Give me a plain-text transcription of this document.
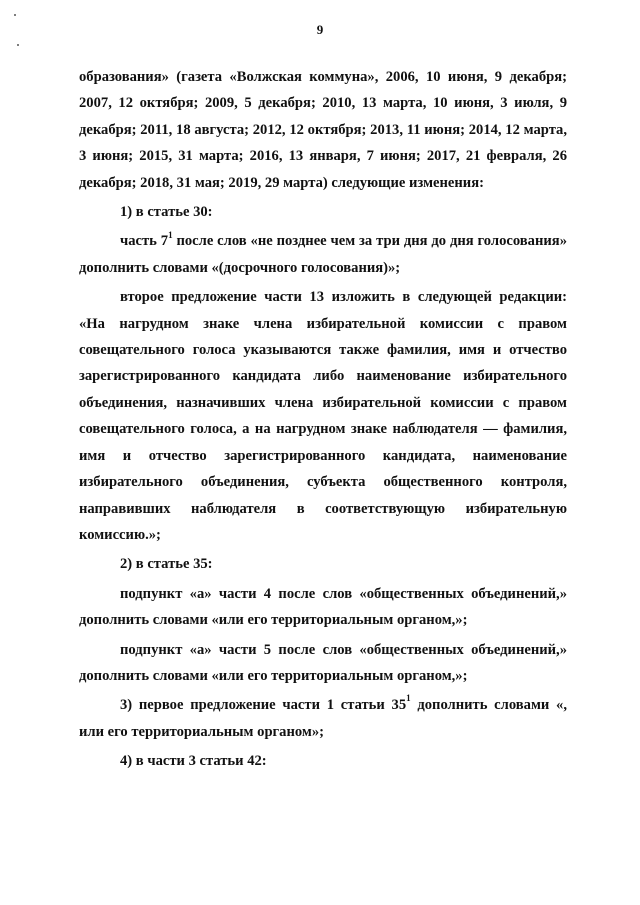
9

образования» (газета «Волжская коммуна», 2006, 10 июня, 9 декабря; 2007, 12 октября; 2009, 5 декабря; 2010, 13 марта, 10 июня, 3 июля, 9 декабря; 2011, 18 августа; 2012, 12 октября; 2013, 11 июня; 2014, 12 марта, 3 июня; 2015, 31 марта; 2016, 13 января, 7 июня; 2017, 21 февраля, 26 декабря; 2018, 31 мая; 2019, 29 марта) следующие изменения:

1) в статье 30:

часть $7^1$ после слов «не позднее чем за три дня до дня голосования» дополнить словами «(досрочного голосования)»;

второе предложение части 13 изложить в следующей редакции: «На нагрудном знаке члена избирательной комиссии с правом совещательного голоса указываются также фамилия, имя и отчество зарегистрированного кандидата либо наименование избирательного объединения, назначивших члена избирательной комиссии с правом совещательного голоса, а на нагрудном знаке наблюдателя — фамилия, имя и отчество зарегистрированного кандидата, наименование избирательного объединения, субъекта общественного контроля, направивших наблюдателя в соответствующую избирательную комиссию.»;

2) в статье 35:

подпункт «а» части 4 после слов «общественных объединений,» дополнить словами «или его территориальным органом,»;

подпункт «а» части 5 после слов «общественных объединений,» дополнить словами «или его территориальным органом,»;

3) первое предложение части 1 статьи $35^1$ дополнить словами «, или его территориальным органом»;

4) в части 3 статьи 42:
